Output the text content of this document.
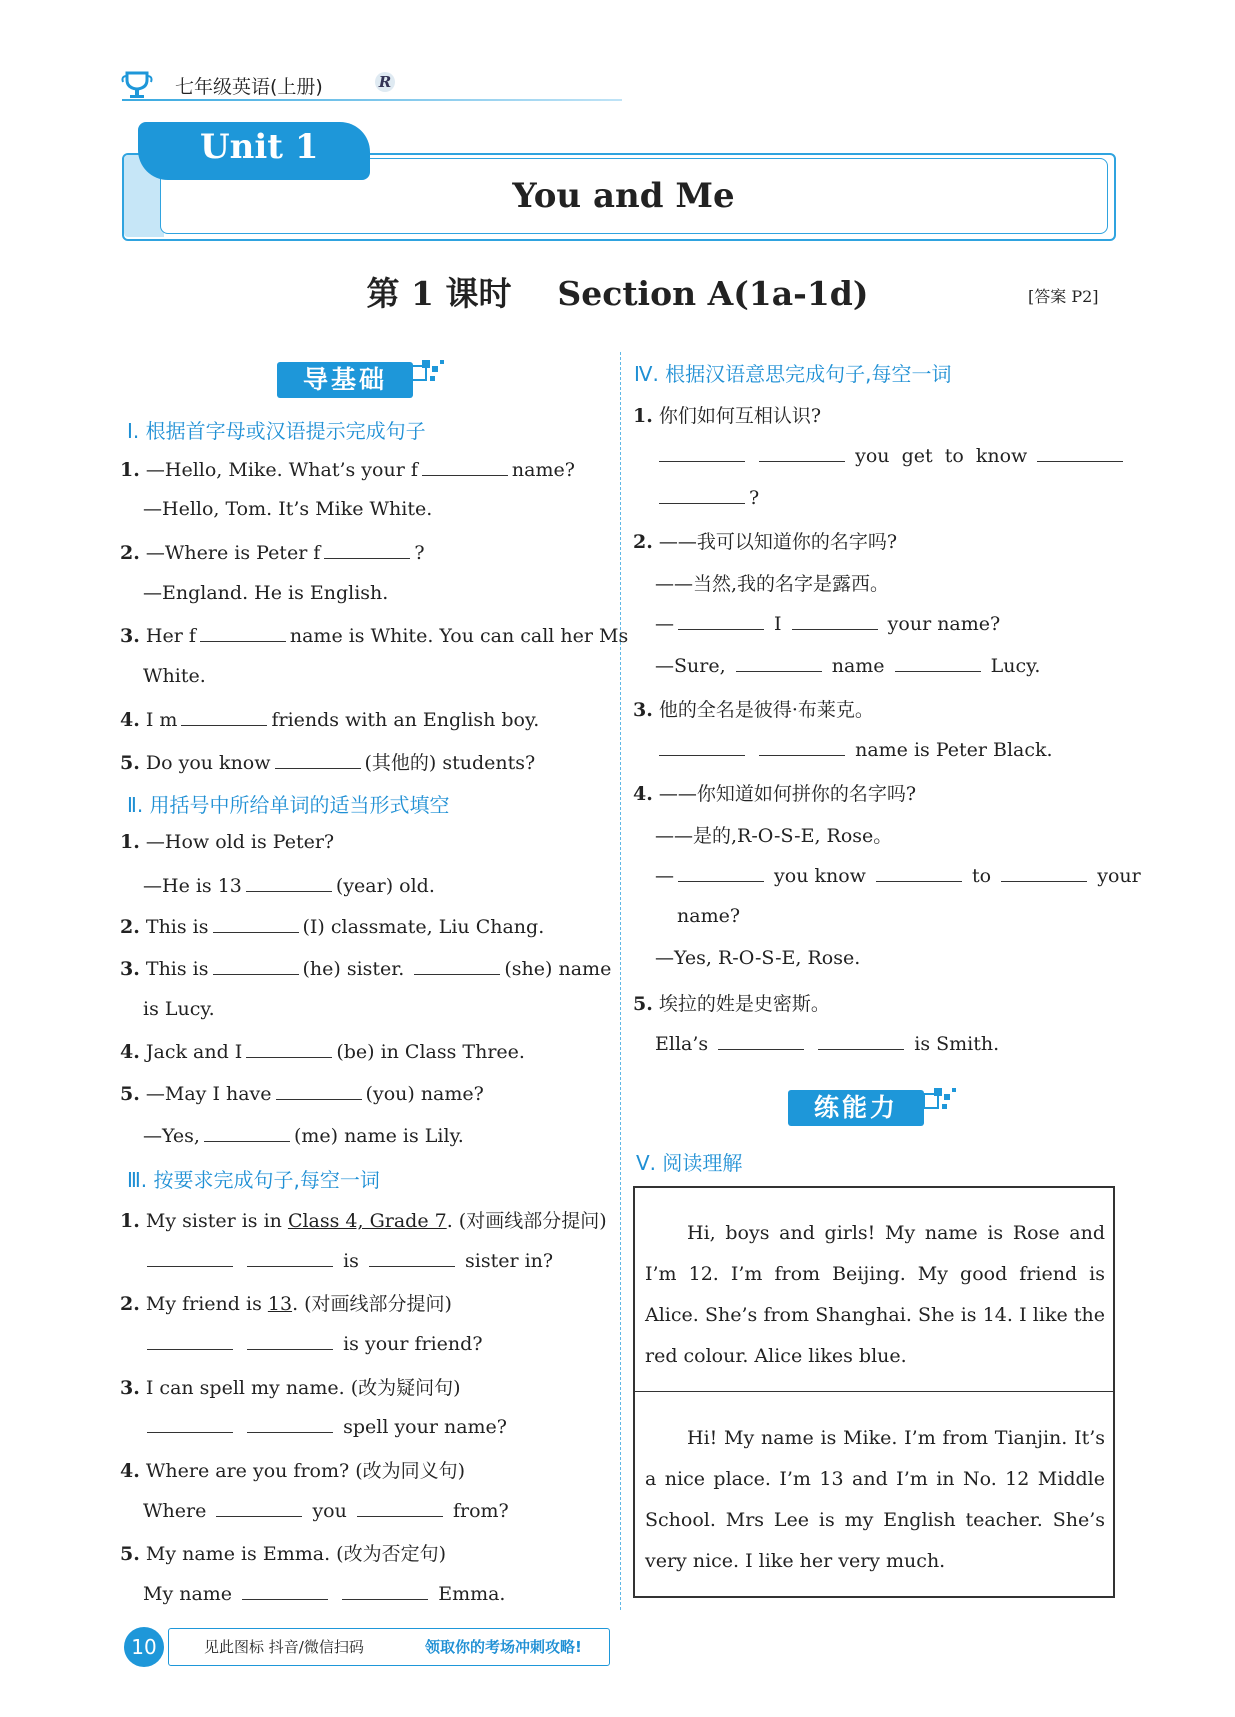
七年级英语(上册)	R
Unit 1
You and Me
第 1 课时    Section A(1a-1d)	[答案 P2]
导基础
Ⅰ. 根据首字母或汉语提示完成句子
1. —Hello, Mike. What’s your f	name?
—Hello, Tom. It’s Mike White.
2. —Where is Peter f	?
—England. He is English.
3. Her f	name is White. You can call her Ms
White.
4. I m	friends with an English boy.
5. Do you know	(其他的) students?
Ⅱ. 用括号中所给单词的适当形式填空
1. —How old is Peter?
—He is 13	(year) old.
2. This is	(I) classmate, Liu Chang.
3. This is	(he) sister.	(she) name
is Lucy.
4. Jack and I	(be) in Class Three.
5. —May I have	(you) name?
—Yes,	(me) name is Lily.
Ⅲ. 按要求完成句子,每空一词
1. My sister is in Class 4, Grade 7. (对画线部分提问)
is	sister in?
2. My friend is 13. (对画线部分提问)
is your friend?
3. I can spell my name. (改为疑问句)
spell your name?
4. Where are you from? (改为同义句)
Where	you	from?
5. My name is Emma. (改为否定句)
My name	Emma.
Ⅳ. 根据汉语意思完成句子,每空一词
1. 你们如何互相认识?
you  get  to  know
?
2. ——我可以知道你的名字吗?
——当然,我的名字是露西。
—	I	your name?
—Sure,	name	Lucy.
3. 他的全名是彼得·布莱克。
name is Peter Black.
4. ——你知道如何拼你的名字吗?
——是的,R-O-S-E, Rose。
—	you know	to	your
name?
—Yes, R-O-S-E, Rose.
5. 埃拉的姓是史密斯。
Ella’s	is Smith.
练能力
Ⅴ. 阅读理解
Hi, boys and girls! My name is Rose and I’m 12. I’m from Beijing. My good friend is Alice. She’s from Shanghai. She is 14. I like the red colour. Alice likes blue.
Hi! My name is Mike. I’m from Tianjin. It’s a nice place. I’m 13 and I’m in No. 12 Middle School. Mrs Lee is my English teacher. She’s very nice. I like her very much.
10	见此图标 抖音/微信扫码	领取你的考场冲刺攻略!
